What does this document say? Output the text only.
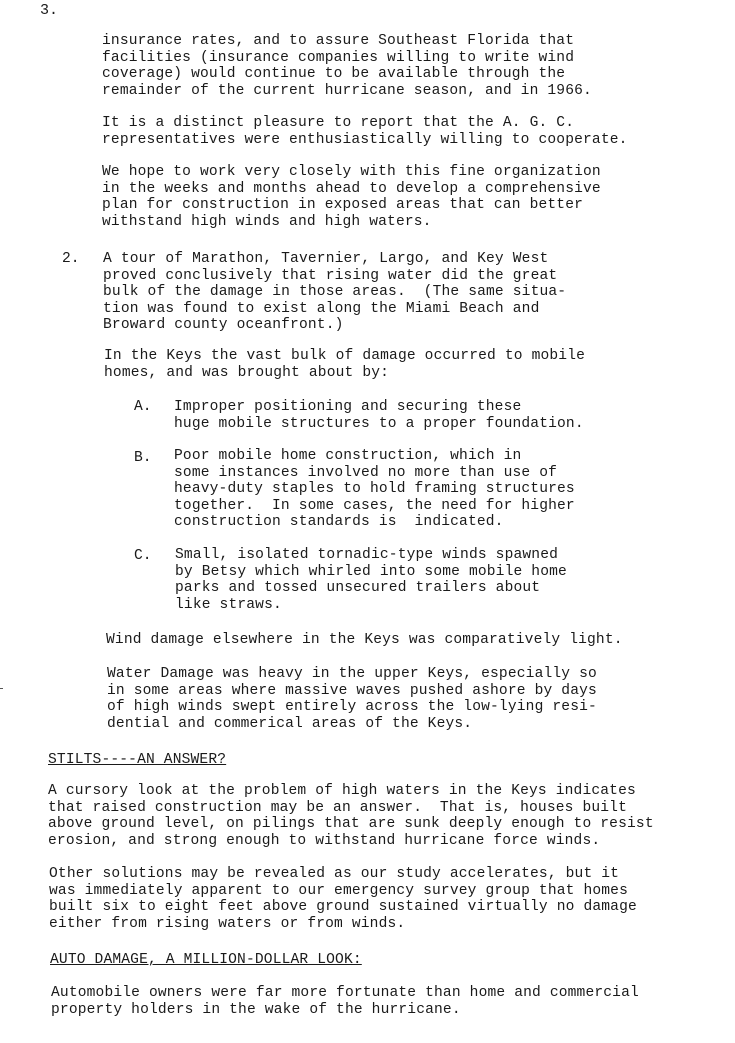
3.
insurance rates, and to assure Southeast Florida that
facilities (insurance companies willing to write wind
coverage) would continue to be available through the
remainder of the current hurricane season, and in 1966.
It is a distinct pleasure to report that the A. G. C.
representatives were enthusiastically willing to cooperate.
We hope to work very closely with this fine organization
in the weeks and months ahead to develop a comprehensive
plan for construction in exposed areas that can better
withstand high winds and high waters.
2. A tour of Marathon, Tavernier, Largo, and Key West
proved conclusively that rising water did the great
bulk of the damage in those areas.  (The same situa-
tion was found to exist along the Miami Beach and
Broward county oceanfront.)
In the Keys the vast bulk of damage occurred to mobile
homes, and was brought about by:
A. Improper positioning and securing these
huge mobile structures to a proper foundation.
B. Poor mobile home construction, which in
some instances involved no more than use of
heavy-duty staples to hold framing structures
together.  In some cases, the need for higher
construction standards is  indicated.
C. Small, isolated tornadic-type winds spawned
by Betsy which whirled into some mobile home
parks and tossed unsecured trailers about
like straws.
Wind damage elsewhere in the Keys was comparatively light.
Water Damage was heavy in the upper Keys, especially so
in some areas where massive waves pushed ashore by days
of high winds swept entirely across the low-lying resi-
dential and commerical areas of the Keys.
STILTS----AN ANSWER?
A cursory look at the problem of high waters in the Keys indicates
that raised construction may be an answer.  That is, houses built
above ground level, on pilings that are sunk deeply enough to resist
erosion, and strong enough to withstand hurricane force winds.
Other solutions may be revealed as our study accelerates, but it
was immediately apparent to our emergency survey group that homes
built six to eight feet above ground sustained virtually no damage
either from rising waters or from winds.
AUTO DAMAGE, A MILLION-DOLLAR LOOK:
Automobile owners were far more fortunate than home and commercial
property holders in the wake of the hurricane.
